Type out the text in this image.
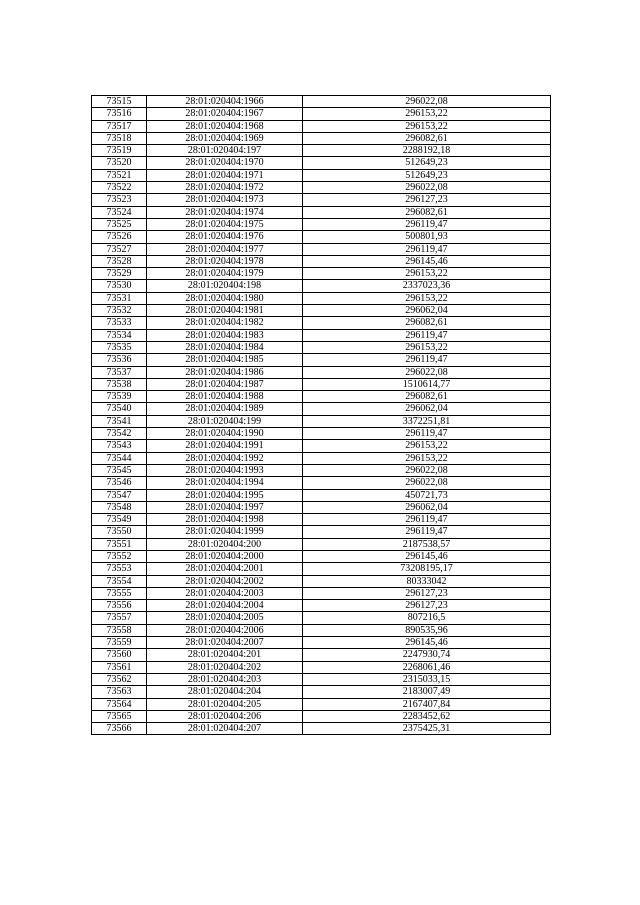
73515	28:01:020404:1966	296022,08
73516	28:01:020404:1967	296153,22
73517	28:01:020404:1968	296153,22
73518	28:01:020404:1969	296082,61
73519	28:01:020404:197	2288192,18
73520	28:01:020404:1970	512649,23
73521	28:01:020404:1971	512649,23
73522	28:01:020404:1972	296022,08
73523	28:01:020404:1973	296127,23
73524	28:01:020404:1974	296082,61
73525	28:01:020404:1975	296119,47
73526	28:01:020404:1976	500801,93
73527	28:01:020404:1977	296119,47
73528	28:01:020404:1978	296145,46
73529	28:01:020404:1979	296153,22
73530	28:01:020404:198	2337023,36
73531	28:01:020404:1980	296153,22
73532	28:01:020404:1981	296062,04
73533	28:01:020404:1982	296082,61
73534	28:01:020404:1983	296119,47
73535	28:01:020404:1984	296153,22
73536	28:01:020404:1985	296119,47
73537	28:01:020404:1986	296022,08
73538	28:01:020404:1987	1510614,77
73539	28:01:020404:1988	296082,61
73540	28:01:020404:1989	296062,04
73541	28:01:020404:199	3372251,81
73542	28:01:020404:1990	296119,47
73543	28:01:020404:1991	296153,22
73544	28:01:020404:1992	296153,22
73545	28:01:020404:1993	296022,08
73546	28:01:020404:1994	296022,08
73547	28:01:020404:1995	450721,73
73548	28:01:020404:1997	296062,04
73549	28:01:020404:1998	296119,47
73550	28:01:020404:1999	296119,47
73551	28:01:020404:200	2187538,57
73552	28:01:020404:2000	296145,46
73553	28:01:020404:2001	73208195,17
73554	28:01:020404:2002	80333042
73555	28:01:020404:2003	296127,23
73556	28:01:020404:2004	296127,23
73557	28:01:020404:2005	807216,5
73558	28:01:020404:2006	890535,96
73559	28:01:020404:2007	296145,46
73560	28:01:020404:201	2247930,74
73561	28:01:020404:202	2268061,46
73562	28:01:020404:203	2315033,15
73563	28:01:020404:204	2183007,49
73564	28:01:020404:205	2167407,84
73565	28:01:020404:206	2283452,62
73566	28:01:020404:207	2375425,31
